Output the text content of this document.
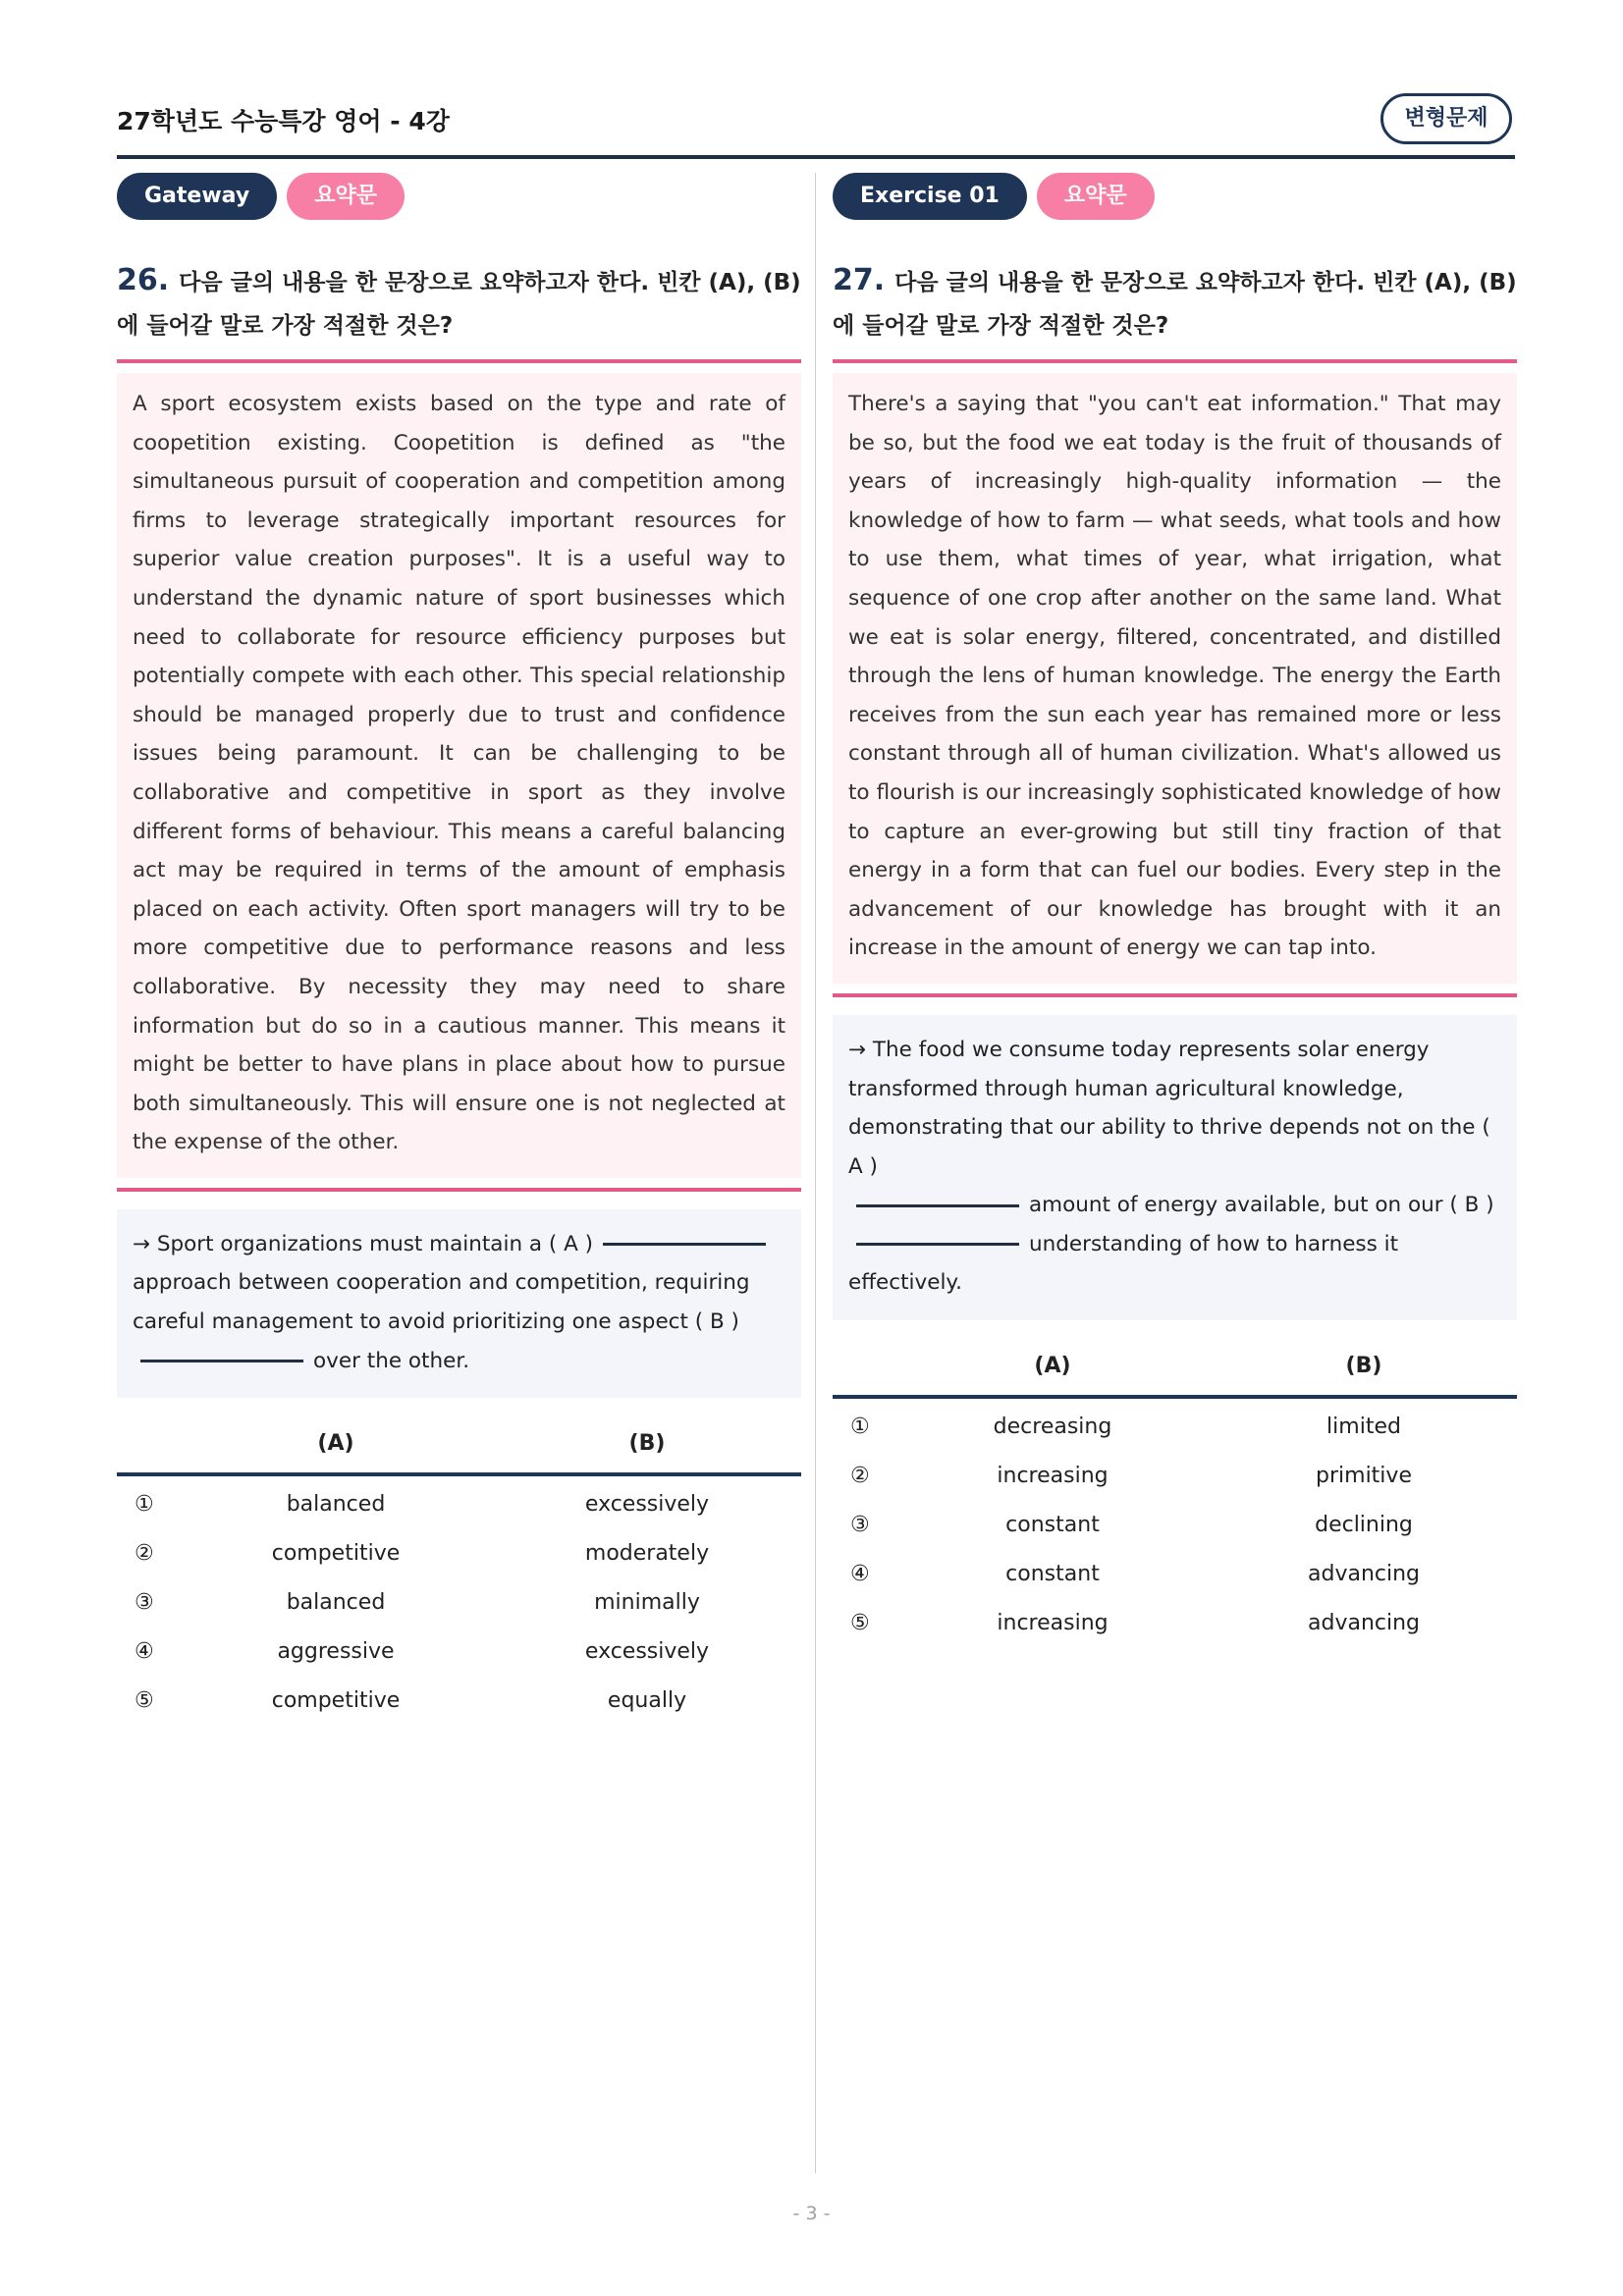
27학년도 수능특강 영어 - 4강	변형문제
Gateway	요약문
26. 다음 글의 내용을 한 문장으로 요약하고자 한다. 빈칸 (A), (B)에 들어갈 말로 가장 적절한 것은?
A sport ecosystem exists based on the type and rate of coopetition existing. Coopetition is defined as "the simultaneous pursuit of cooperation and competition among firms to leverage strategically important resources for superior value creation purposes". It is a useful way to understand the dynamic nature of sport businesses which need to collaborate for resource efficiency purposes but potentially compete with each other. This special relationship should be managed properly due to trust and confidence issues being paramount. It can be challenging to be collaborative and competitive in sport as they involve different forms of behaviour. This means a careful balancing act may be required in terms of the amount of emphasis placed on each activity. Often sport managers will try to be more competitive due to performance reasons and less collaborative. By necessity they may need to share information but do so in a cautious manner. This means it might be better to have plans in place about how to pursue both simultaneously. This will ensure one is not neglected at the expense of the other.
→ Sport organizations must maintain a ( A )approach between cooperation and competition, requiring careful management to avoid prioritizing one aspect ( B )
over the other.
(A)	(B)
①	balanced	excessively
②	competitive	moderately
③	balanced	minimally
④	aggressive	excessively
⑤	competitive	equally
Exercise 01	요약문
27. 다음 글의 내용을 한 문장으로 요약하고자 한다. 빈칸 (A), (B)에 들어갈 말로 가장 적절한 것은?
There's a saying that "you can't eat information." That may be so, but the food we eat today is the fruit of thousands of years of increasingly high-quality information — the knowledge of how to farm — what seeds, what tools and how to use them, what times of year, what irrigation, what sequence of one crop after another on the same land. What we eat is solar energy, filtered, concentrated, and distilled through the lens of human knowledge. The energy the Earth receives from the sun each year has remained more or less constant through all of human civilization. What's allowed us to flourish is our increasingly sophisticated knowledge of how to capture an ever-growing but still tiny fraction of that energy in a form that can fuel our bodies. Every step in the advancement of our knowledge has brought with it an increase in the amount of energy we can tap into.
→ The food we consume today represents solar energy transformed through human agricultural knowledge, demonstrating that our ability to thrive depends not on the ( A )
amount of energy available, but on our ( B )
understanding of how to harness it effectively.
(A)	(B)
①	decreasing	limited
②	increasing	primitive
③	constant	declining
④	constant	advancing
⑤	increasing	advancing
- 3 -
